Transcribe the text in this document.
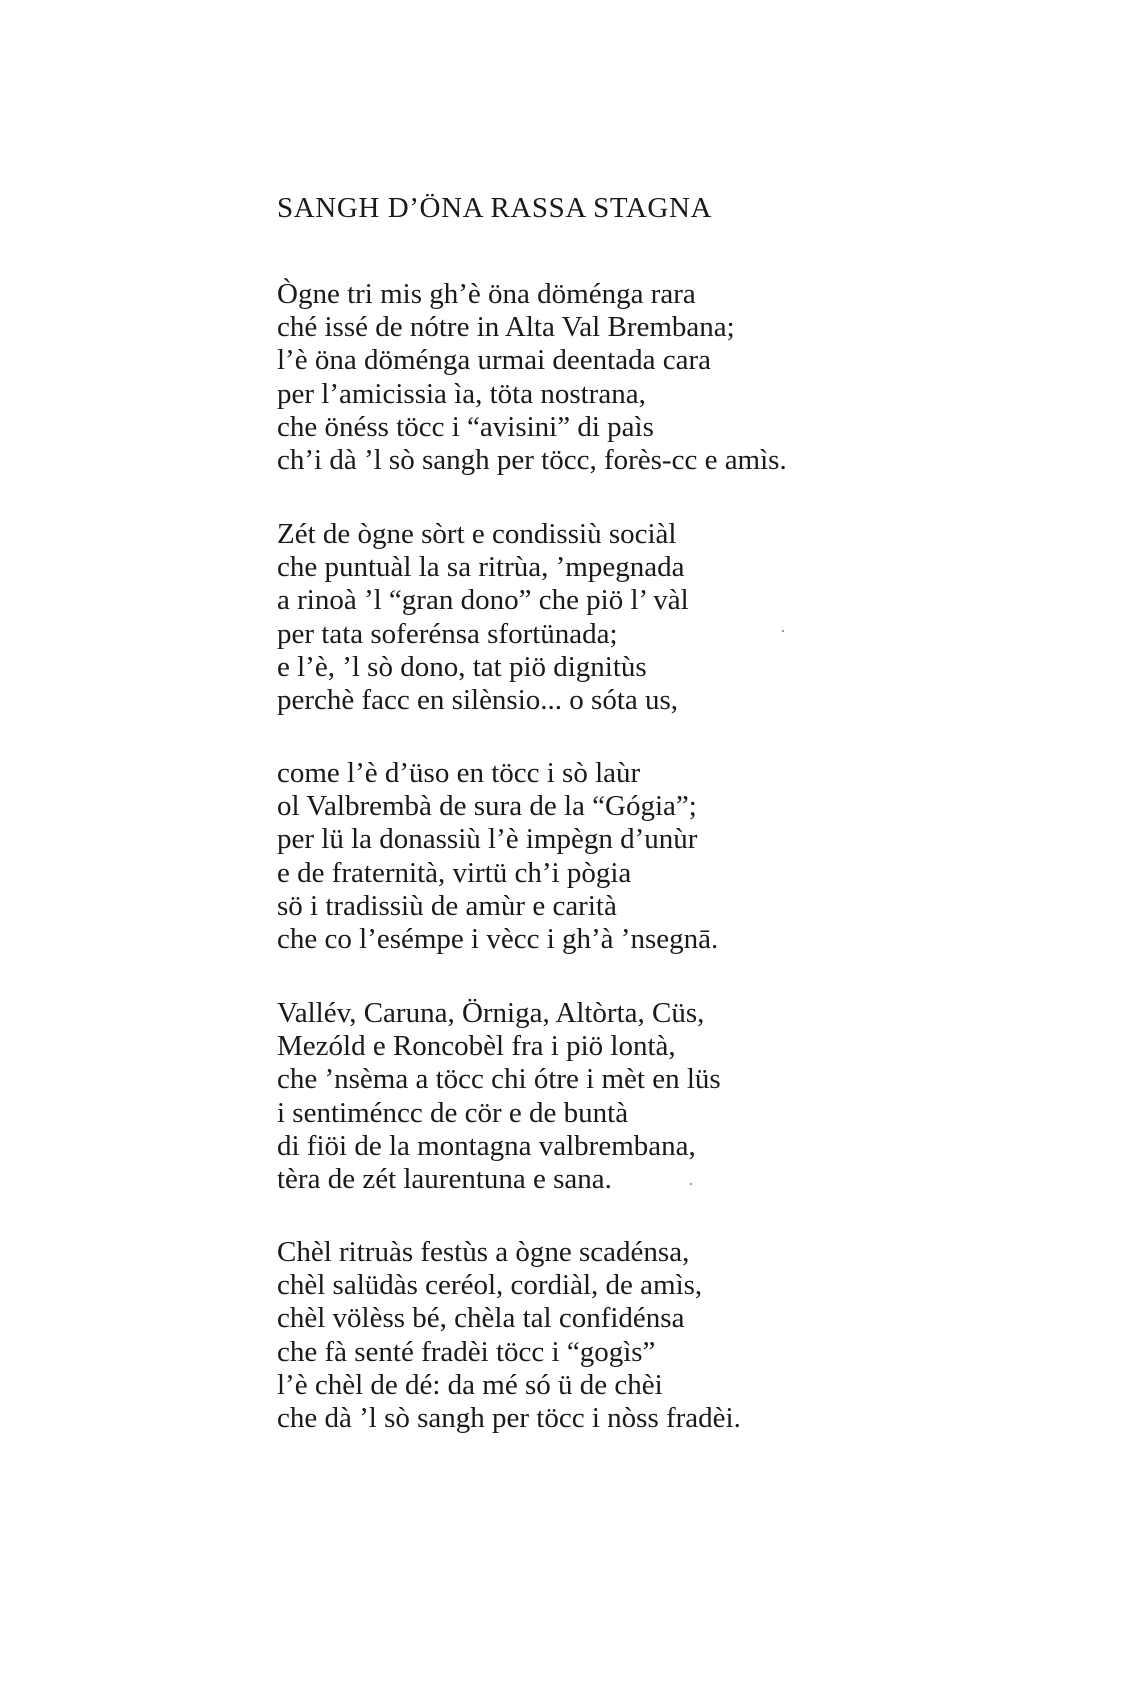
SANGH D’ÖNA RASSA STAGNA
Ògne tri mis gh’è öna döménga rara
ché issé de nótre in Alta Val Brembana;
l’è öna döménga urmai deentada cara
per l’amicissia ìa, töta nostrana,
che önéss töcc i “avisini” di paìs
ch’i dà ’l sò sangh per töcc, forès-cc e amìs.
Zét de ògne sòrt e condissiù sociàl
che puntuàl la sa ritrùa, ’mpegnada
a rinoà ’l “gran dono” che piö l’ vàl
per tata soferénsa sfortünada;
e l’è, ’l sò dono, tat piö dignitùs
perchè facc en silènsio... o sóta us,
come l’è d’üso en töcc i sò laùr
ol Valbrembà de sura de la “Gógia”;
per lü la donassiù l’è impègn d’unùr
e de fraternità, virtü ch’i pògia
sö i tradissiù de amùr e carità
che co l’esémpe i vècc i gh’à ’nsegnā.
Vallév, Caruna, Örniga, Altòrta, Cüs,
Mezóld e Roncobèl fra i piö lontà,
che ’nsèma a töcc chi ótre i mèt en lüs
i sentiméncc de cör e de buntà
di fiöi de la montagna valbrembana,
tèra de zét laurentuna e sana.
Chèl ritruàs festùs a ògne scadénsa,
chèl salüdàs ceréol, cordiàl, de amìs,
chèl völèss bé, chèla tal confidénsa
che fà senté fradèi töcc i “gogìs”
l’è chèl de dé: da mé só ü de chèi
che dà ’l sò sangh per töcc i nòss fradèi.
